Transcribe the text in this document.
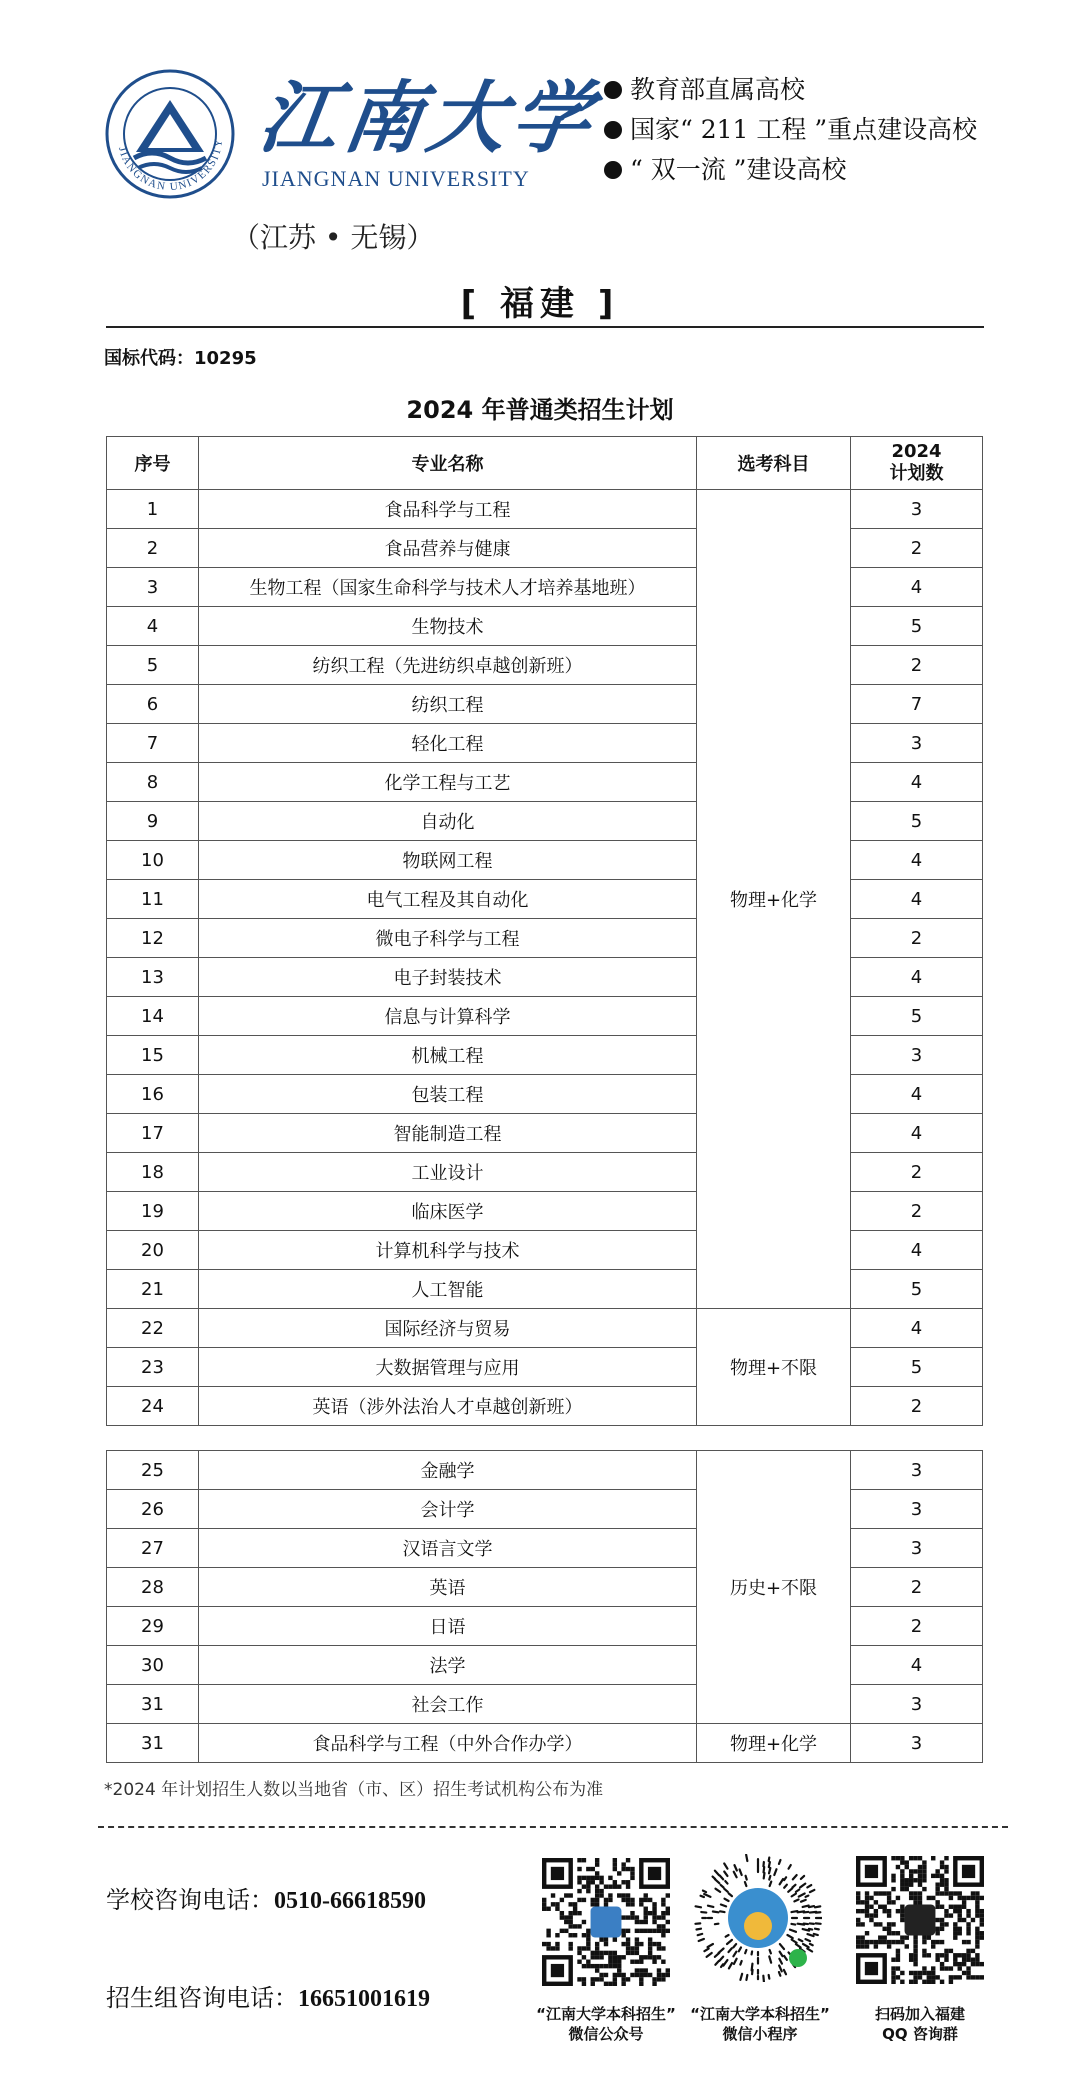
JIANGNAN UNIVERSITY 江南大学
JIANGNAN UNIVERSITY
（江苏 • 无锡）
教育部直属高校
国家“ 211 工程 ”重点建设高校
“ 双一流 ”建设高校
[ 福建 ]
国标代码：10295
2024 年普通类招生计划
序号	专业名称	选考科目	2024
计划数
1	食品科学与工程	物理+化学	3
2	食品营养与健康		2
3	生物工程（国家生命科学与技术人才培养基地班）		4
4	生物技术		5
5	纺织工程（先进纺织卓越创新班）		2
6	纺织工程		7
7	轻化工程		3
8	化学工程与工艺		4
9	自动化		5
10	物联网工程		4
11	电气工程及其自动化		4
12	微电子科学与工程		2
13	电子封装技术		4
14	信息与计算科学		5
15	机械工程		3
16	包装工程		4
17	智能制造工程		4
18	工业设计		2
19	临床医学		2
20	计算机科学与技术		4
21	人工智能		5
22	国际经济与贸易	物理+不限	4
23	大数据管理与应用		5
24	英语（涉外法治人才卓越创新班）		2
25	金融学	历史+不限	3
26	会计学		3
27	汉语言文学		3
28	英语		2
29	日语		2
30	法学		4
31	社会工作		3
31	食品科学与工程（中外合作办学）	物理+化学	3
*2024 年计划招生人数以当地省（市、区）招生考试机构公布为准
学校咨询电话：0510-66618590
招生组咨询电话：16651001619
“江南大学本科招生”
微信公众号
“江南大学本科招生”
微信小程序
扫码加入福建
QQ 咨询群
